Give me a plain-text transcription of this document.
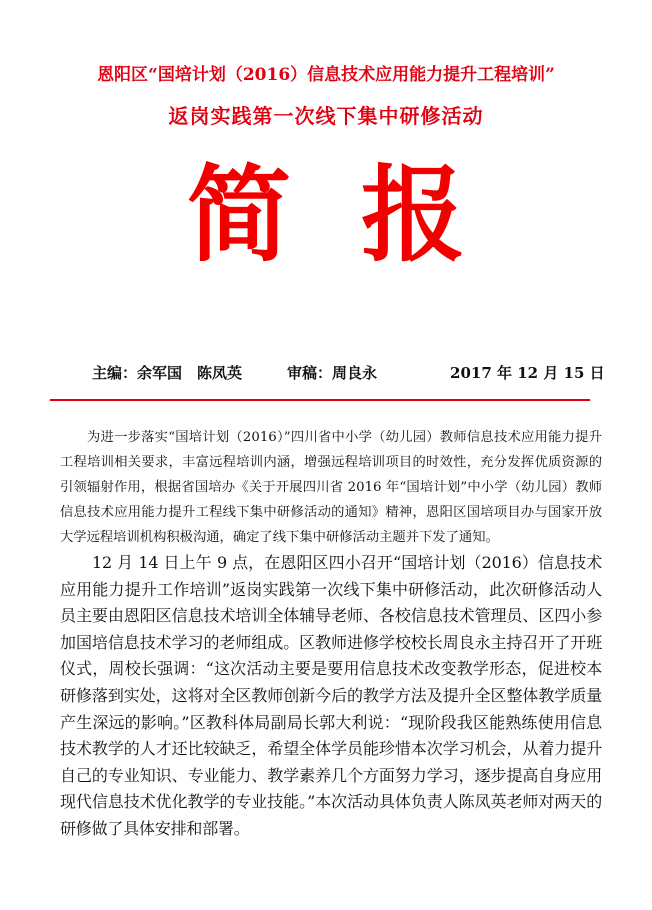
恩阳区“国培计划（2016）信息技术应用能力提升工程培训”
返岗实践第一次线下集中研修活动
简报
主编：余军国　陈凤英	审稿：周良永	2017 年 12 月 15 日

为进一步落实“国培计划（2016）”四川省中小学（幼儿园）教师信息技术应用能力提升工程培训相关要求，丰富远程培训内涵，增强远程培训项目的时效性，充分发挥优质资源的引领辐射作用，根据省国培办《关于开展四川省 2016 年“国培计划”中小学（幼儿园）教师信息技术应用能力提升工程线下集中研修活动的通知》精神，恩阳区国培项目办与国家开放大学远程培训机构积极沟通，确定了线下集中研修活动主题并下发了通知。

12 月 14 日上午 9 点，在恩阳区四小召开“国培计划（2016）信息技术应用能力提升工作培训”返岗实践第一次线下集中研修活动，此次研修活动人员主要由恩阳区信息技术培训全体辅导老师、各校信息技术管理员、区四小参加国培信息技术学习的老师组成。区教师进修学校校长周良永主持召开了开班仪式，周校长强调：“这次活动主要是要用信息技术改变教学形态，促进校本研修落到实处，这将对全区教师创新今后的教学方法及提升全区整体教学质量产生深远的影响。”区教科体局副局长郭大利说：“现阶段我区能熟练使用信息技术教学的人才还比较缺乏，希望全体学员能珍惜本次学习机会，从着力提升自己的专业知识、专业能力、教学素养几个方面努力学习，逐步提高自身应用现代信息技术优化教学的专业技能。”本次活动具体负责人陈凤英老师对两天的研修做了具体安排和部署。
